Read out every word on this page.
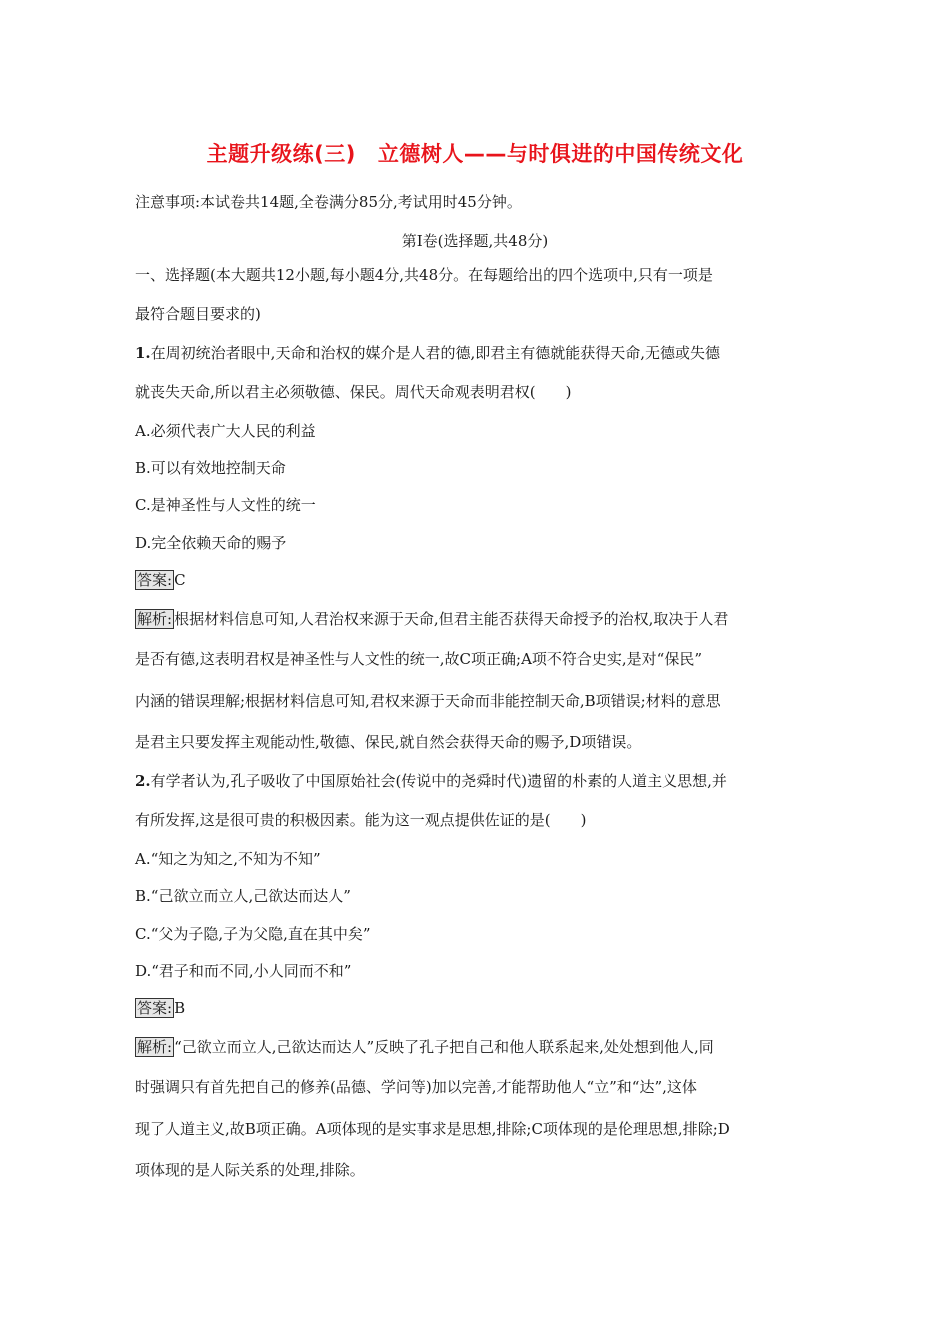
主题升级练(三) 立德树人——与时俱进的中国传统文化
注意事项:本试卷共14题,全卷满分85分,考试用时45分钟。
第Ⅰ卷(选择题,共48分)
一、选择题(本大题共12小题,每小题4分,共48分。在每题给出的四个选项中,只有一项是
最符合题目要求的)
1.在周初统治者眼中,天命和治权的媒介是人君的德,即君主有德就能获得天命,无德或失德
就丧失天命,所以君主必须敬德、保民。周代天命观表明君权(　　)
A.必须代表广大人民的利益
B.可以有效地控制天命
C.是神圣性与人文性的统一
D.完全依赖天命的赐予
答案: C
解析: 根据材料信息可知,人君治权来源于天命,但君主能否获得天命授予的治权,取决于人君
是否有德,这表明君权是神圣性与人文性的统一,故C项正确;A项不符合史实,是对“保民”
内涵的错误理解;根据材料信息可知,君权来源于天命而非能控制天命,B项错误;材料的意思
是君主只要发挥主观能动性,敬德、保民,就自然会获得天命的赐予,D项错误。
2.有学者认为,孔子吸收了中国原始社会(传说中的尧舜时代)遗留的朴素的人道主义思想,并
有所发挥,这是很可贵的积极因素。能为这一观点提供佐证的是(　　)
A.“知之为知之,不知为不知”
B.“己欲立而立人,己欲达而达人”
C.“父为子隐,子为父隐,直在其中矣”
D.“君子和而不同,小人同而不和”
答案: B
解析: “己欲立而立人,己欲达而达人”反映了孔子把自己和他人联系起来,处处想到他人,同
时强调只有首先把自己的修养(品德、学问等)加以完善,才能帮助他人“立”和“达”,这体
现了人道主义,故B项正确。A项体现的是实事求是思想,排除;C项体现的是伦理思想,排除;D
项体现的是人际关系的处理,排除。
